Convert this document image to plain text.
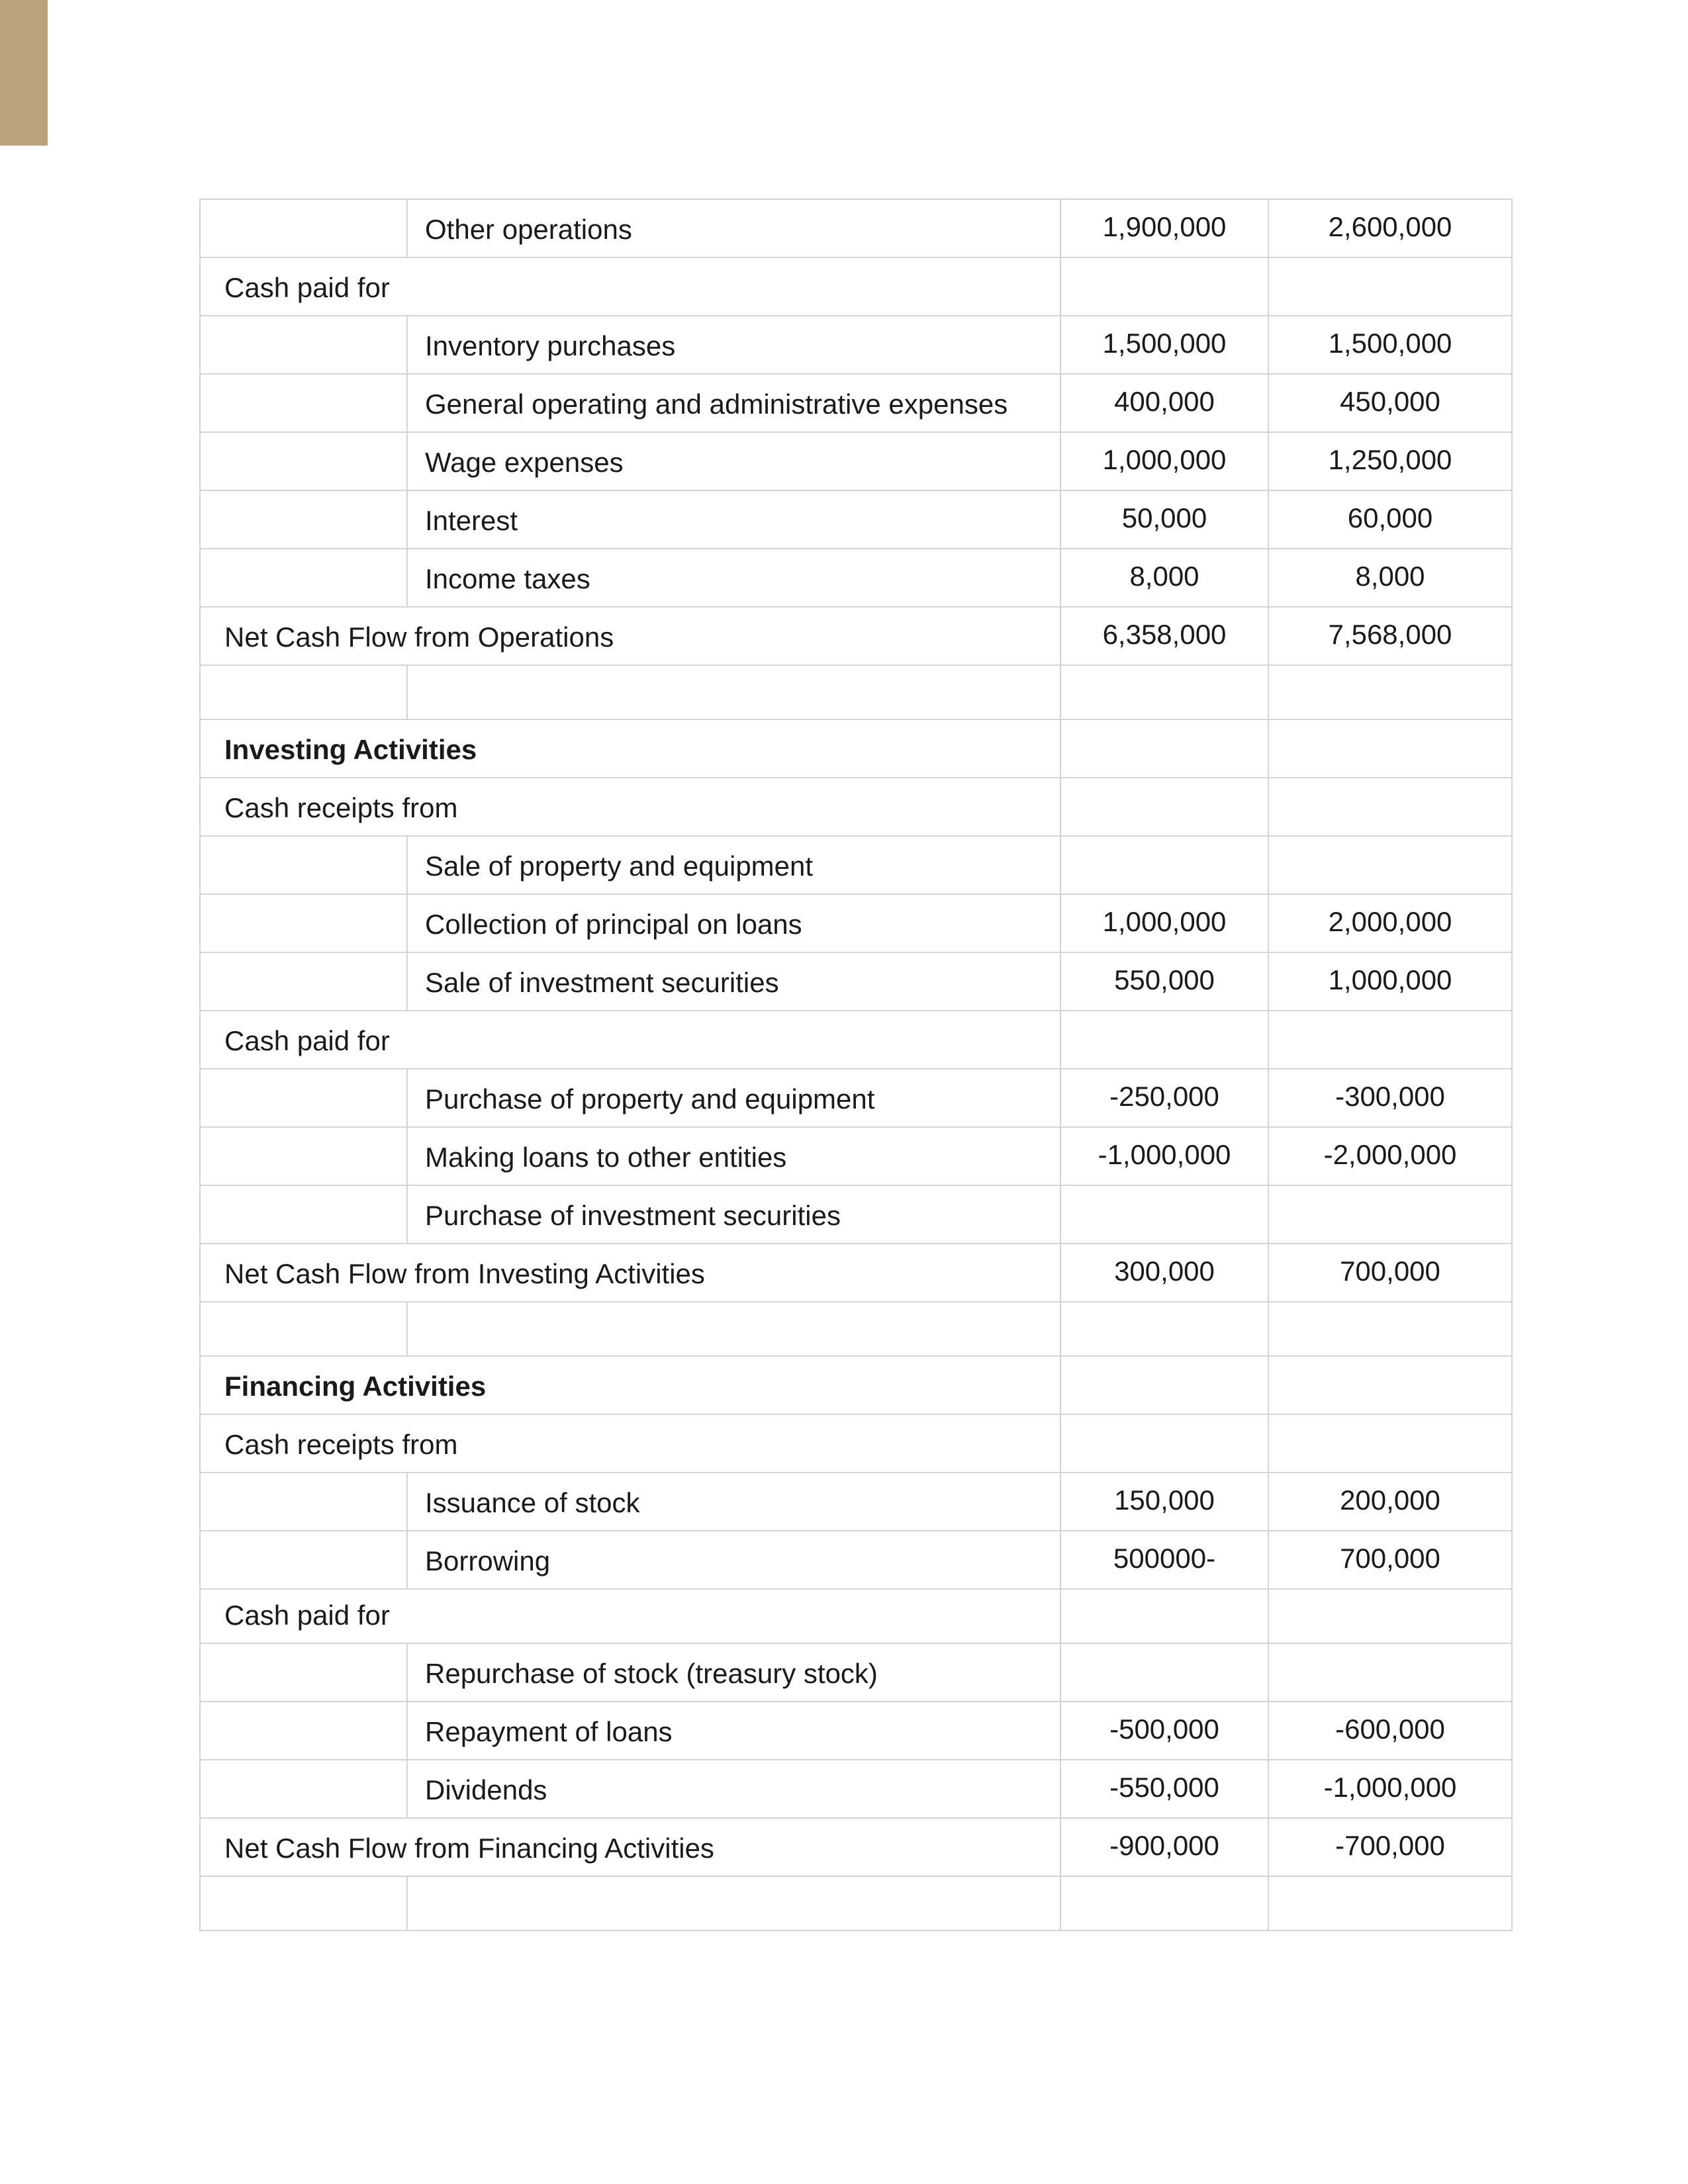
	Other operations	1,900,000	2,600,000
Cash paid for			
	Inventory purchases	1,500,000	1,500,000
	General operating and administrative expenses	400,000	450,000
	Wage expenses	1,000,000	1,250,000
	Interest	50,000	60,000
	Income taxes	8,000	8,000
Net Cash Flow from Operations		6,358,000	7,568,000

Investing Activities			
Cash receipts from			
	Sale of property and equipment		
	Collection of principal on loans	1,000,000	2,000,000
	Sale of investment securities	550,000	1,000,000
Cash paid for			
	Purchase of property and equipment	-250,000	-300,000
	Making loans to other entities	-1,000,000	-2,000,000
	Purchase of investment securities		
Net Cash Flow from Investing Activities		300,000	700,000

Financing Activities			
Cash receipts from			
	Issuance of stock	150,000	200,000
	Borrowing	500000-	700,000
Cash paid for			
	Repurchase of stock (treasury stock)		
	Repayment of loans	-500,000	-600,000
	Dividends	-550,000	-1,000,000
Net Cash Flow from Financing Activities		-900,000	-700,000
